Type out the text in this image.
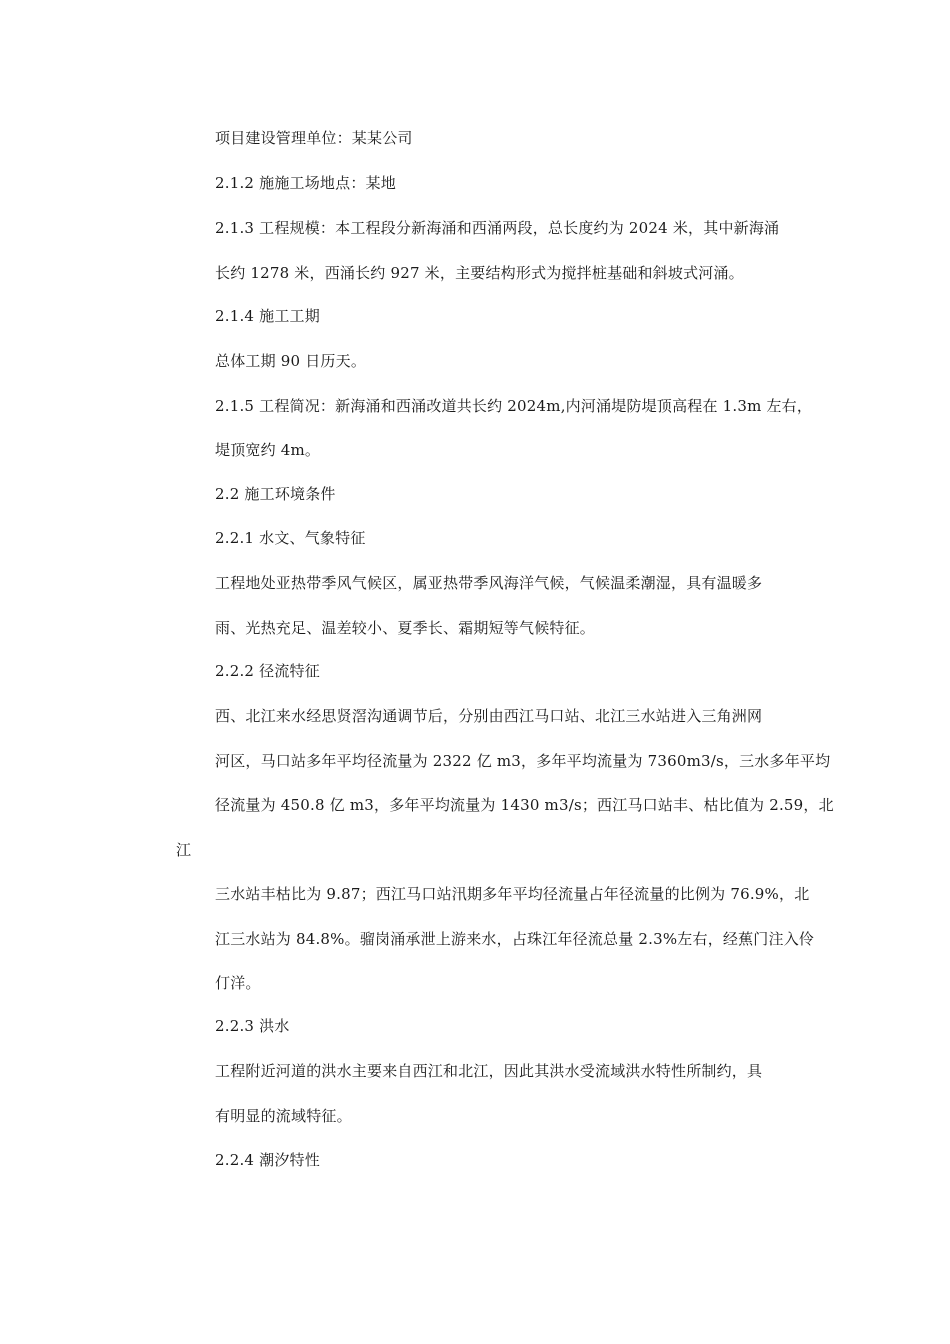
项目建设管理单位：某某公司
2.1.2 施施工场地点：某地
2.1.3 工程规模：本工程段分新海涌和西涌两段，总长度约为 2024 米，其中新海涌
长约 1278 米，西涌长约 927 米，主要结构形式为搅拌桩基础和斜坡式河涌。
2.1.4 施工工期
总体工期 90 日历天。
2.1.5 工程简况：新海涌和西涌改道共长约 2024m,内河涌堤防堤顶高程在 1.3m 左右，
堤顶宽约 4m。
2.2 施工环境条件
2.2.1 水文、气象特征
工程地处亚热带季风气候区，属亚热带季风海洋气候，气候温柔潮湿，具有温暖多
雨、光热充足、温差较小、夏季长、霜期短等气候特征。
2.2.2 径流特征
西、北江来水经思贤滘沟通调节后，分别由西江马口站、北江三水站进入三角洲网
河区，马口站多年平均径流量为 2322 亿 m3，多年平均流量为 7360m3/s，三水多年平均
径流量为 450.8 亿 m3，多年平均流量为 1430 m3/s；西江马口站丰、枯比值为 2.59，北
江
三水站丰枯比为 9.87；西江马口站汛期多年平均径流量占年径流量的比例为 76.9%，北
江三水站为 84.8%。骝岗涌承泄上游来水，占珠江年径流总量 2.3%左右，经蕉门注入伶
仃洋。
2.2.3 洪水
工程附近河道的洪水主要来自西江和北江，因此其洪水受流域洪水特性所制约，具
有明显的流域特征。
2.2.4 潮汐特性
